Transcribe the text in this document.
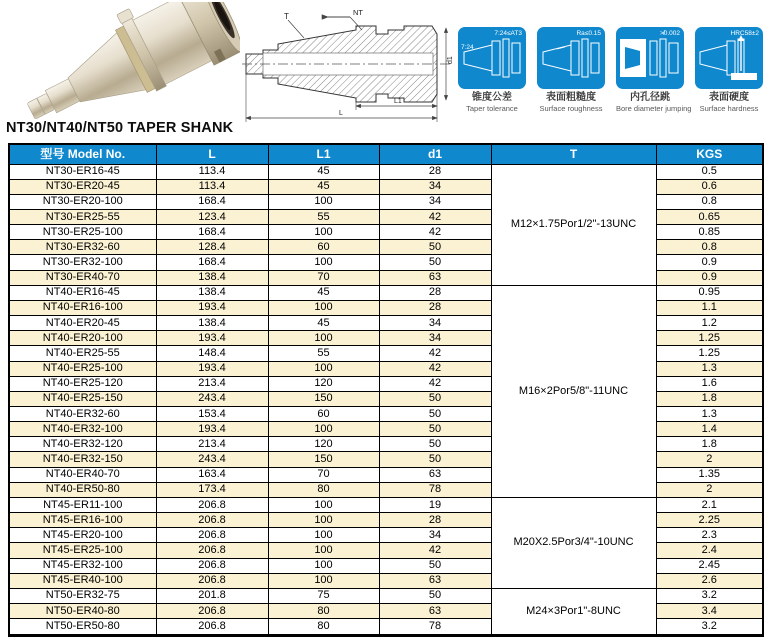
T	NT
d1
L1
L
7:24≤AT3
7:24
锥度公差
Taper tolerance
Ra≤0.15
表面粗糙度
Surface roughness
≯0.002
内孔径跳
Bore diameter jumping
HRC58±2
表面硬度
Surface hardness
NT30/NT40/NT50 TAPER SHANK
型号 Model No.	L	L1	d1	T	KGS
NT30-ER16-45	113.4	45	28	M12×1.75Por1/2"-13UNC	0.5
NT30-ER20-45	113.4	45	34		0.6
NT30-ER20-100	168.4	100	34		0.8
NT30-ER25-55	123.4	55	42		0.65
NT30-ER25-100	168.4	100	42		0.85
NT30-ER32-60	128.4	60	50		0.8
NT30-ER32-100	168.4	100	50		0.9
NT30-ER40-70	138.4	70	63		0.9
NT40-ER16-45	138.4	45	28	M16×2Por5/8"-11UNC	0.95
NT40-ER16-100	193.4	100	28		1.1
NT40-ER20-45	138.4	45	34		1.2
NT40-ER20-100	193.4	100	34		1.25
NT40-ER25-55	148.4	55	42		1.25
NT40-ER25-100	193.4	100	42		1.3
NT40-ER25-120	213.4	120	42		1.6
NT40-ER25-150	243.4	150	50		1.8
NT40-ER32-60	153.4	60	50		1.3
NT40-ER32-100	193.4	100	50		1.4
NT40-ER32-120	213.4	120	50		1.8
NT40-ER32-150	243.4	150	50		2
NT40-ER40-70	163.4	70	63		1.35
NT40-ER50-80	173.4	80	78		2
NT45-ER11-100	206.8	100	19	M20X2.5Por3/4"-10UNC	2.1
NT45-ER16-100	206.8	100	28		2.25
NT45-ER20-100	206.8	100	34		2.3
NT45-ER25-100	206.8	100	42		2.4
NT45-ER32-100	206.8	100	50		2.45
NT45-ER40-100	206.8	100	63		2.6
NT50-ER32-75	201.8	75	50	M24×3Por1"-8UNC	3.2
NT50-ER40-80	206.8	80	63		3.4
NT50-ER50-80	206.8	80	78		3.2
